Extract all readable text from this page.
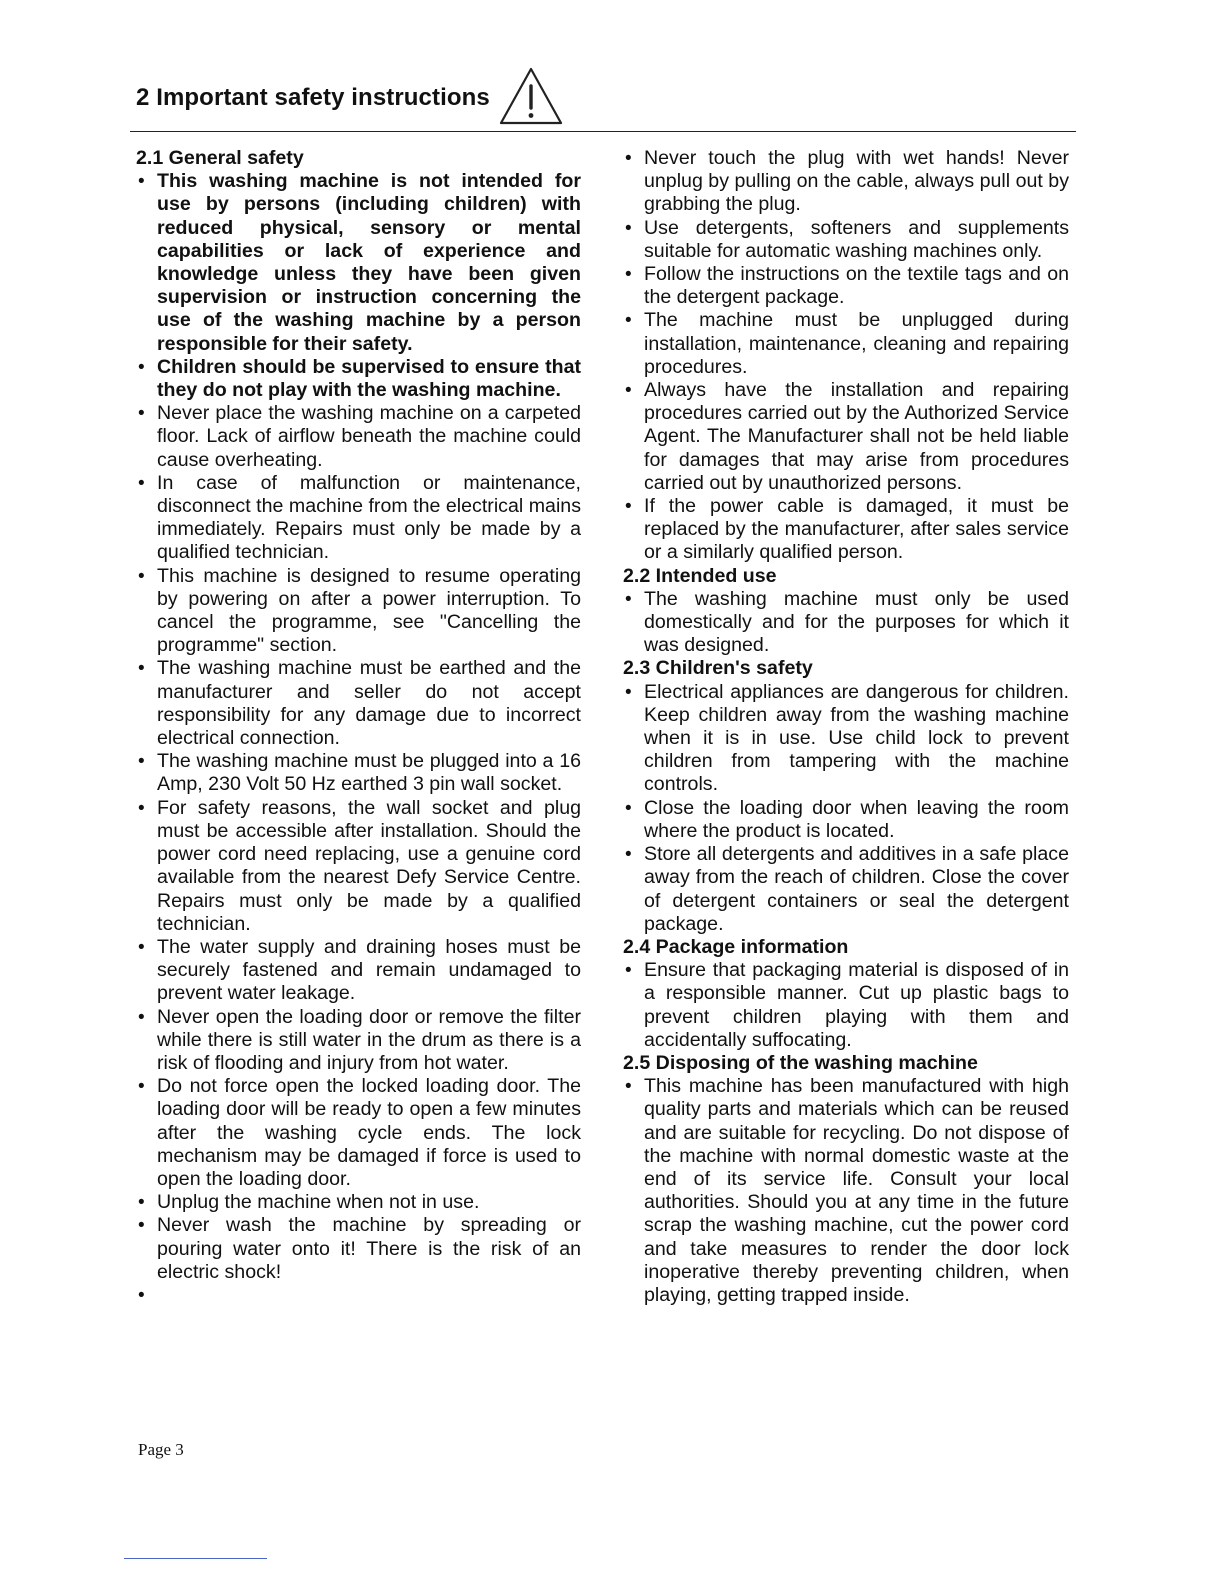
2 Important safety instructions
2.1 General safety
• This washing machine is not intended for use by persons (including children) with reduced physical, sensory or mental capabilities or lack of experience and knowledge unless they have been given supervision or instruction concerning the use of the washing machine by a person responsible for their safety.
• Children should be supervised to ensure that they do not play with the washing machine.
• Never place the washing machine on a carpeted floor. Lack of airflow beneath the machine could cause overheating.
• In case of malfunction or maintenance, disconnect the machine from the electrical mains immediately. Repairs must only be made by a qualified technician.
• This machine is designed to resume operating by powering on after a power interruption. To cancel the programme, see "Cancelling the programme" section.
• The washing machine must be earthed and the manufacturer and seller do not accept responsibility for any damage due to incorrect electrical connection.
• The washing machine must be plugged into a 16 Amp, 230 Volt 50 Hz earthed 3 pin wall socket.
• For safety reasons, the wall socket and plug must be accessible after installation. Should the power cord need replacing, use a genuine cord available from the nearest Defy Service Centre. Repairs must only be made by a qualified technician.
• The water supply and draining hoses must be securely fastened and remain undamaged to prevent water leakage.
• Never open the loading door or remove the filter while there is still water in the drum as there is a risk of flooding and injury from hot water.
• Do not force open the locked loading door. The loading door will be ready to open a few minutes after the washing cycle ends. The lock mechanism may be damaged if force is used to open the loading door.
• Unplug the machine when not in use.
• Never wash the machine by spreading or pouring water onto it! There is the risk of an electric shock!
•
• Never touch the plug with wet hands! Never unplug by pulling on the cable, always pull out by grabbing the plug.
• Use detergents, softeners and supplements suitable for automatic washing machines only.
• Follow the instructions on the textile tags and on the detergent package.
• The machine must be unplugged during installation, maintenance, cleaning and repairing procedures.
• Always have the installation and repairing procedures carried out by the Authorized Service Agent. The Manufacturer shall not be held liable for damages that may arise from procedures carried out by unauthorized persons.
• If the power cable is damaged, it must be replaced by the manufacturer, after sales service or a similarly qualified person.
2.2 Intended use
• The washing machine must only be used domestically and for the purposes for which it was designed.
2.3 Children's safety
• Electrical appliances are dangerous for children. Keep children away from the washing machine when it is in use. Use child lock to prevent children from tampering with the machine controls.
• Close the loading door when leaving the room where the product is located.
• Store all detergents and additives in a safe place away from the reach of children. Close the cover of detergent containers or seal the detergent package.
2.4 Package information
• Ensure that packaging material is disposed of in a responsible manner. Cut up plastic bags to prevent children playing with them and accidentally suffocating.
2.5 Disposing of the washing machine
• This machine has been manufactured with high quality parts and materials which can be reused and are suitable for recycling. Do not dispose of the machine with normal domestic waste at the end of its service life. Consult your local authorities. Should you at any time in the future scrap the washing machine, cut the power cord and take measures to render the door lock inoperative thereby preventing children, when playing, getting trapped inside.
Page 3
